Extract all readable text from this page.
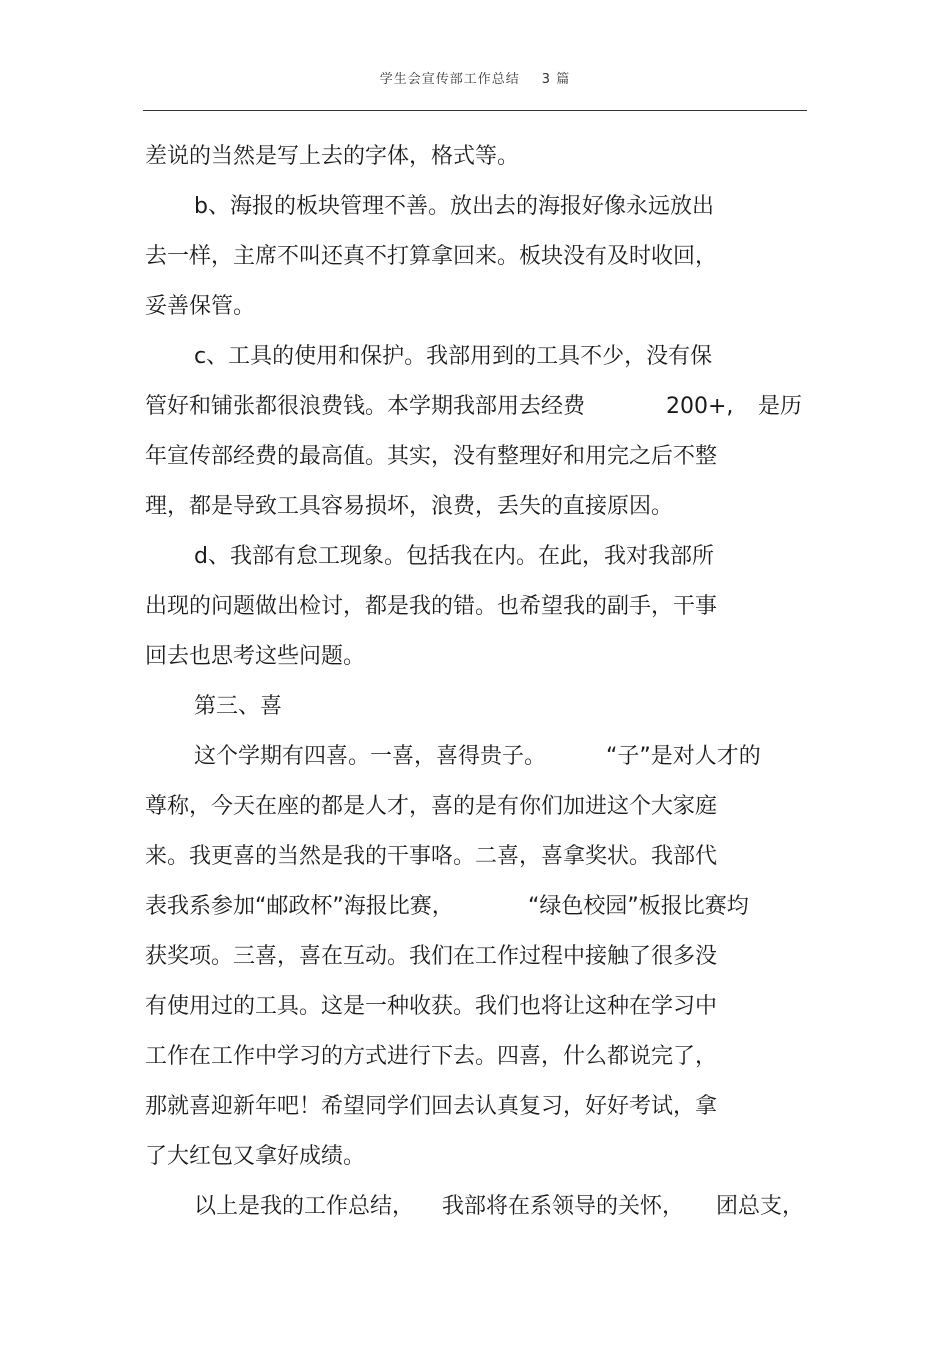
学生会宣传部工作总结 3 篇
差说的当然是写上去的字体，格式等。
b、海报的板块管理不善。放出去的海报好像永远放出
去一样，主席不叫还真不打算拿回来。板块没有及时收回，
妥善保管。
c、工具的使用和保护。我部用到的工具不少，没有保
管好和铺张都很浪费钱。本学期我部用去经费	200+, 是历
年宣传部经费的最高值。其实，没有整理好和用完之后不整
理，都是导致工具容易损坏，浪费，丢失的直接原因。
d、我部有怠工现象。包括我在内。在此，我对我部所
出现的问题做出检讨，都是我的错。也希望我的副手，干事
回去也思考这些问题。
第三、喜
这个学期有四喜。一喜，喜得贵子。	“子”是对人才的
尊称，今天在座的都是人才，喜的是有你们加进这个大家庭
来。我更喜的当然是我的干事咯。二喜，喜拿奖状。我部代
表我系参加“邮政杯”海报比赛，	“绿色校园”板报比赛均
获奖项。三喜，喜在互动。我们在工作过程中接触了很多没
有使用过的工具。这是一种收获。我们也将让这种在学习中
工作在工作中学习的方式进行下去。四喜，什么都说完了，
那就喜迎新年吧！希望同学们回去认真复习，好好考试，拿
了大红包又拿好成绩。
以上是我的工作总结， 我部将在系领导的关怀， 团总支，
